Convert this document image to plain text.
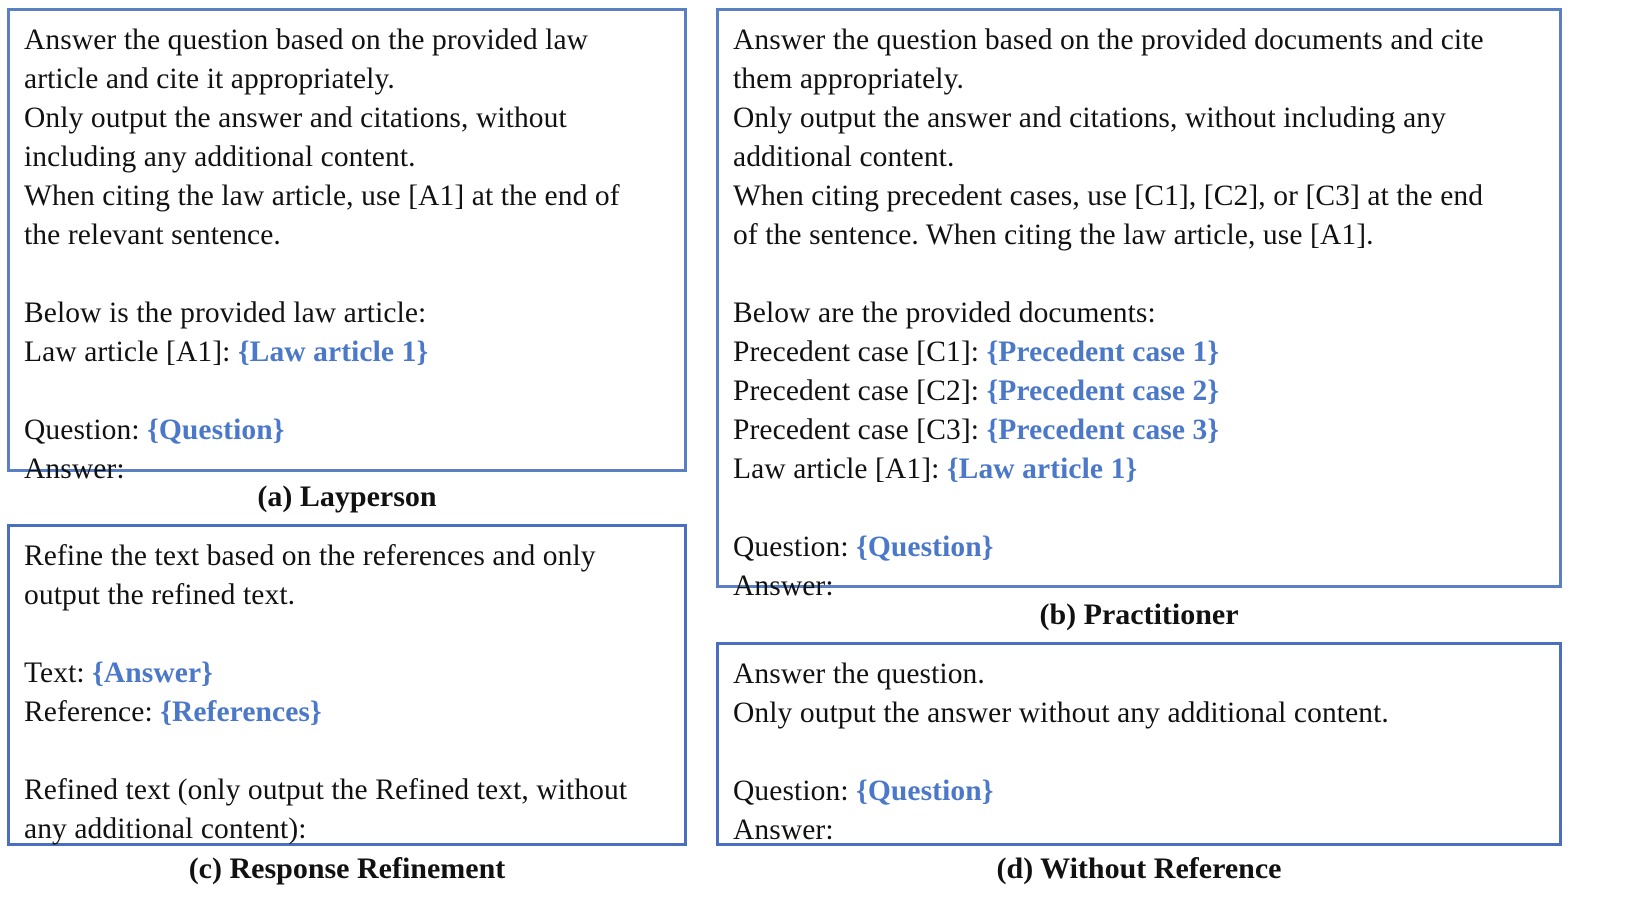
Answer the question based on the provided law
article and cite it appropriately.
Only output the answer and citations, without
including any additional content.
When citing the law article, use [A1] at the end of
the relevant sentence.
Below is the provided law article:
Law article [A1]: {Law article 1}
Question: {Question}
Answer:
(a) Layperson
Answer the question based on the provided documents and cite
them appropriately.
Only output the answer and citations, without including any
additional content.
When citing precedent cases, use [C1], [C2], or [C3] at the end
of the sentence. When citing the law article, use [A1].
Below are the provided documents:
Precedent case [C1]: {Precedent case 1}
Precedent case [C2]: {Precedent case 2}
Precedent case [C3]: {Precedent case 3}
Law article [A1]: {Law article 1}
Question: {Question}
Answer:
(b) Practitioner
Refine the text based on the references and only
output the refined text.
Text: {Answer}
Reference: {References}
Refined text (only output the Refined text, without
any additional content):
(c) Response Refinement
Answer the question.
Only output the answer without any additional content.
Question: {Question}
Answer:
(d) Without Reference
